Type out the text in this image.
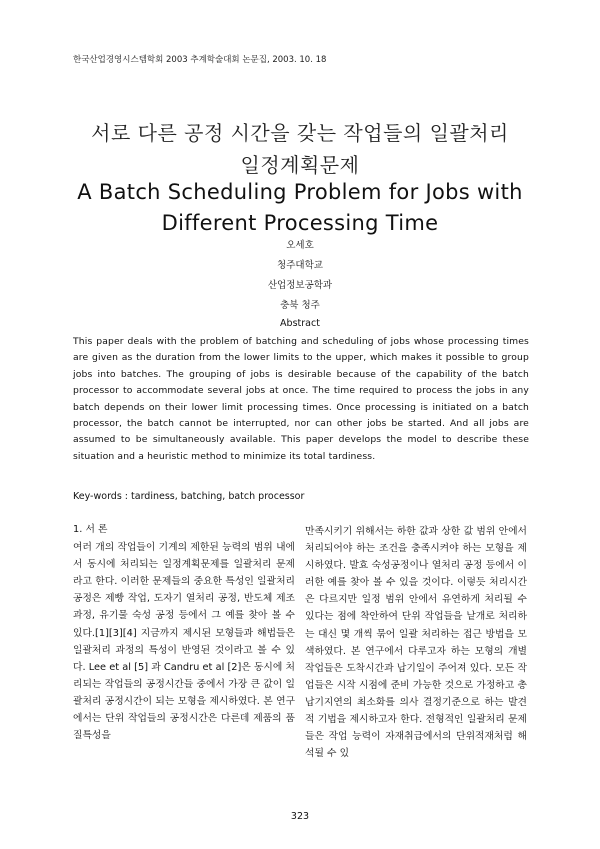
한국산업경영시스템학회 2003 추계학술대회 논문집, 2003. 10. 18
서로 다른 공정 시간을 갖는 작업들의 일괄처리
일정계획문제
A Batch Scheduling Problem for Jobs with
Different Processing Time
오세호
청주대학교
산업정보공학과
충북 청주
Abstract
This paper deals with the problem of batching and scheduling of jobs whose processing times are given as the duration from the lower limits to the upper, which makes it possible to group jobs into batches. The grouping of jobs is desirable because of the capability of the batch processor to accommodate several jobs at once. The time required to process the jobs in any batch depends on their lower limit processing times. Once processing is initiated on a batch processor, the batch cannot be interrupted, nor can other jobs be started. And all jobs are assumed to be simultaneously available. This paper develops the model to describe these situation and a heuristic method to minimize its total tardiness.
Key-words : tardiness, batching, batch processor
1. 서 론
여러 개의 작업들이 기계의 제한된 능력의 범위 내에서 동시에 처리되는 일정계획문제를 일괄처리 문제라고 한다. 이러한 문제들의 중요한 특성인 일괄처리 공정은 제빵 작업, 도자기 열처리 공정, 반도체 제조과정, 유기물 숙성 공정 등에서 그 예를 찾아 볼 수 있다.[1][3][4] 지금까지 제시된 모형들과 해법들은 일괄처리 과정의 특성이 반영된 것이라고 볼 수 있다. Lee et al [5] 과 Candru et al [2]은 동시에 처리되는 작업들의 공정시간들 중에서 가장 큰 값이 일괄처리 공정시간이 되는 모형을 제시하였다. 본 연구에서는 단위 작업들의 공정시간은 다른데 제품의 품질특성을
만족시키기 위해서는 하한 값과 상한 값 범위 안에서 처리되어야 하는 조건을 충족시켜야 하는 모형을 제시하였다. 발효 숙성공정이나 열처리 공정 등에서 이러한 예를 찾아 볼 수 있을 것이다. 이렇듯 처리시간은 다르지만 일정 범위 안에서 유연하게 처리될 수 있다는 점에 착안하여 단위 작업들을 낱개로 처리하는 대신 몇 개씩 묶어 일괄 처리하는 접근 방법을 모색하였다. 본 연구에서 다루고자 하는 모형의 개별 작업들은 도착시간과 납기일이 주어져 있다. 모든 작업들은 시작 시점에 준비 가능한 것으로 가정하고 총납기지연의 최소화를 의사 결정기준으로 하는 발견적 기법을 제시하고자 한다. 전형적인 일괄처리 문제들은 작업 능력이 자재취급에서의 단위적재처럼 해석될 수 있
323
